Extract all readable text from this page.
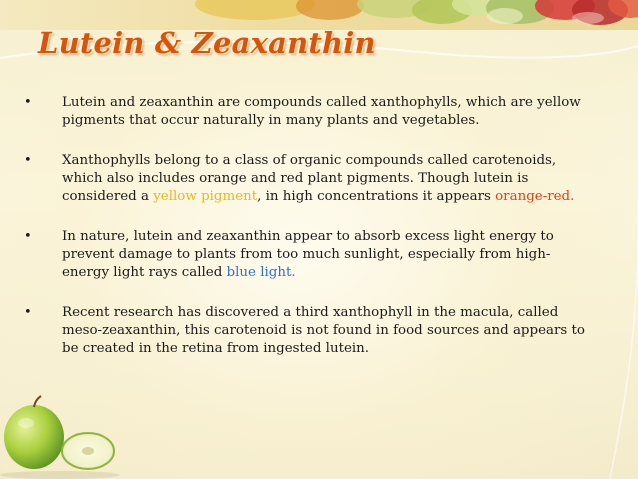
Lutein & Zeaxanthin
• Lutein and zeaxanthin are compounds called xanthophylls, which are yellow pigments that occur naturally in many plants and vegetables.
• Xanthophylls belong to a class of organic compounds called carotenoids, which also includes orange and red plant pigments. Though lutein is considered a yellow pigment, in high concentrations it appears orange-red.
• In nature, lutein and zeaxanthin appear to absorb excess light energy to prevent damage to plants from too much sunlight, especially from high-energy light rays called blue light.
• Recent research has discovered a third xanthophyll in the macula, called meso-zeaxanthin, this carotenoid is not found in food sources and appears to be created in the retina from ingested lutein.
